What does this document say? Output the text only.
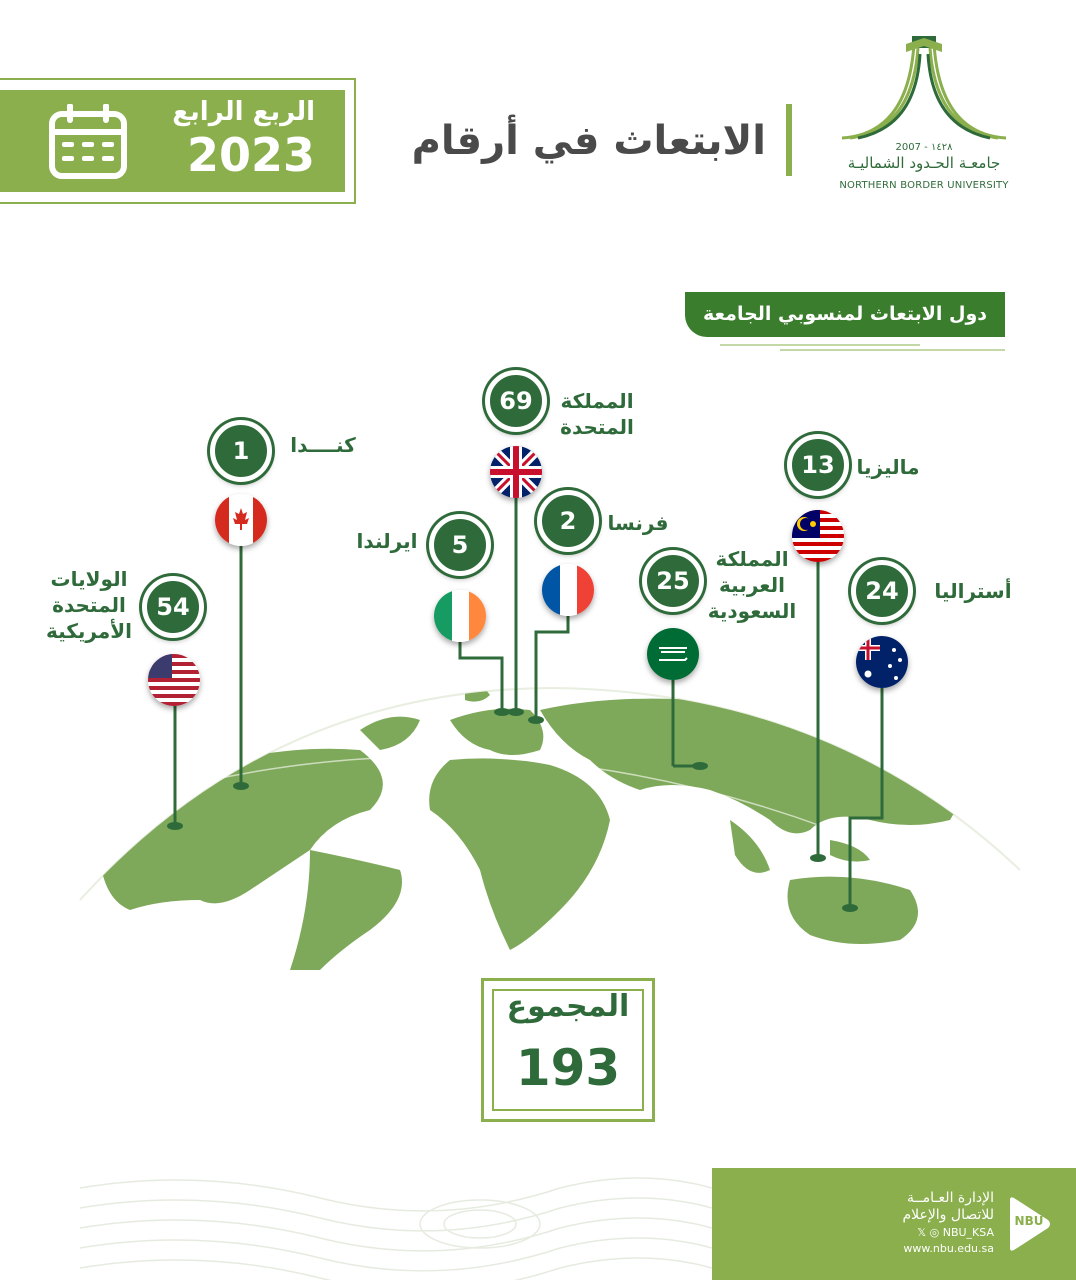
الربع الرابع
2023 الابتعاث في أرقام	2007 - ١٤٢٨
جامعـة الحـدود الشماليـة
NORTHERN BORDER UNIVERSITY
دول الابتعاث لمنسوبي الجامعة
1	كنــــدا
54
الولايات المتحدة الأمريكية
69	المملكة المتحدة
5
ايرلندا
2	فرنسا
25
المملكة العربية السعودية
13	ماليزيا
24	أستراليا
المجموع
193
الإدارة العـامــة
للاتصال والإعلام
𝕏 ◎ NBU_KSA
www.nbu.edu.sa
NBU
